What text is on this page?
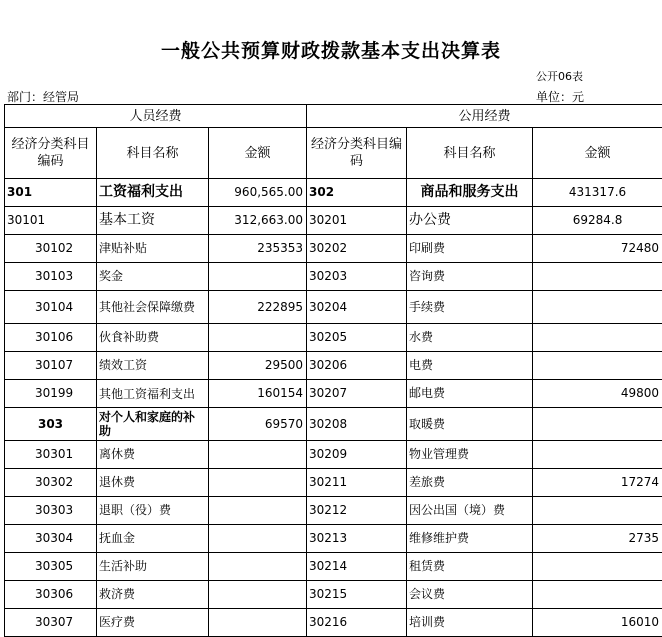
一般公共预算财政拨款基本支出决算表
公开06表
部门：经管局	单位：元
人员经费			公用经费		
经济分类科目编码	科目名称	金额	经济分类科目编码	科目名称	金额
301	工资福利支出	960,565.00	302	商品和服务支出	431317.6
30101	基本工资	312,663.00	30201	办公费	69284.8
30102	津贴补贴	235353	30202	印刷费	72480
30103	奖金		30203	咨询费	
30104	其他社会保障缴费	222895	30204	手续费	
30106	伙食补助费		30205	水费	
30107	绩效工资	29500	30206	电费	
30199	其他工资福利支出	160154	30207	邮电费	49800
303	对个人和家庭的补助	69570	30208	取暖费	
30301	离休费		30209	物业管理费	
30302	退休费		30211	差旅费	17274
30303	退职（役）费		30212	因公出国（境）费	
30304	抚血金		30213	维修维护费	2735
30305	生活补助		30214	租赁费	
30306	救济费		30215	会议费	
30307	医疗费		30216	培训费	16010
